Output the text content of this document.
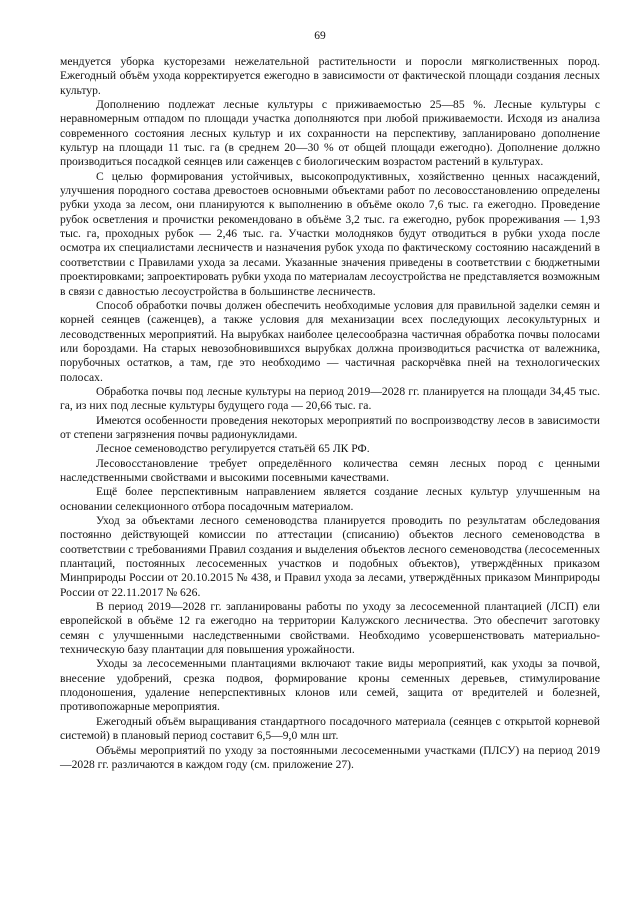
69

мендуется уборка кусторезами нежелательной растительности и поросли мягколиственных пород. Ежегодный объём ухода корректируется ежегодно в зависимости от фактической площади создания лесных культур.

Дополнению подлежат лесные культуры с приживаемостью 25—85 %. Лесные культуры с неравномерным отпадом по площади участка дополняются при любой приживаемости. Исходя из анализа современного состояния лесных культур и их сохранности на перспективу, запланировано дополнение культур на площади 11 тыс. га (в среднем 20—30 % от общей площади ежегодно). Дополнение должно производиться посадкой сеянцев или саженцев с биологическим возрастом растений в культурах.

С целью формирования устойчивых, высокопродуктивных, хозяйственно ценных насаждений, улучшения породного состава древостоев основными объектами работ по лесовосстановлению определены рубки ухода за лесом, они планируются к выполнению в объёме около 7,6 тыс. га ежегодно. Проведение рубок осветления и прочистки рекомендовано в объёме 3,2 тыс. га ежегодно, рубок прореживания — 1,93 тыс. га, проходных рубок — 2,46 тыс. га. Участки молодняков будут отводиться в рубки ухода после осмотра их специалистами лесничеств и назначения рубок ухода по фактическому состоянию насаждений в соответствии с Правилами ухода за лесами. Указанные значения приведены в соответствии с бюджетными проектировками; запроектировать рубки ухода по материалам лесоустройства не представляется возможным в связи с давностью лесоустройства в большинстве лесничеств.

Способ обработки почвы должен обеспечить необходимые условия для правильной заделки семян и корней сеянцев (саженцев), а также условия для механизации всех последующих лесокультурных и лесоводственных мероприятий. На вырубках наиболее целесообразна частичная обработка почвы полосами или бороздами. На старых невозобновившихся вырубках должна производиться расчистка от валежника, порубочных остатков, а там, где это необходимо — частичная раскорчёвка пней на технологических полосах.

Обработка почвы под лесные культуры на период 2019—2028 гг. планируется на площади 34,45 тыс. га, из них под лесные культуры будущего года — 20,66 тыс. га.

Имеются особенности проведения некоторых мероприятий по воспроизводству лесов в зависимости от степени загрязнения почвы радионуклидами.

Лесное семеноводство регулируется статьёй 65 ЛК РФ.

Лесовосстановление требует определённого количества семян лесных пород с ценными наследственными свойствами и высокими посевными качествами.

Ещё более перспективным направлением является создание лесных культур улучшенным на основании селекционного отбора посадочным материалом.

Уход за объектами лесного семеноводства планируется проводить по результатам обследования постоянно действующей комиссии по аттестации (списанию) объектов лесного семеноводства в соответствии с требованиями Правил создания и выделения объектов лесного семеноводства (лесосеменных плантаций, постоянных лесосеменных участков и подобных объектов), утверждённых приказом Минприроды России от 20.10.2015 № 438, и Правил ухода за лесами, утверждённых приказом Минприроды России от 22.11.2017 № 626.

В период 2019—2028 гг. запланированы работы по уходу за лесосеменной плантацией (ЛСП) ели европейской в объёме 12 га ежегодно на территории Калужского лесничества. Это обеспечит заготовку семян с улучшенными наследственными свойствами. Необходимо усовершенствовать материально-техническую базу плантации для повышения урожайности.

Уходы за лесосеменными плантациями включают такие виды мероприятий, как уходы за почвой, внесение удобрений, срезка подвоя, формирование кроны семенных деревьев, стимулирование плодоношения, удаление неперспективных клонов или семей, защита от вредителей и болезней, противопожарные мероприятия.

Ежегодный объём выращивания стандартного посадочного материала (сеянцев с открытой корневой системой) в плановый период составит 6,5—9,0 млн шт.

Объёмы мероприятий по уходу за постоянными лесосеменными участками (ПЛСУ) на период 2019—2028 гг. различаются в каждом году (см. приложение 27).
